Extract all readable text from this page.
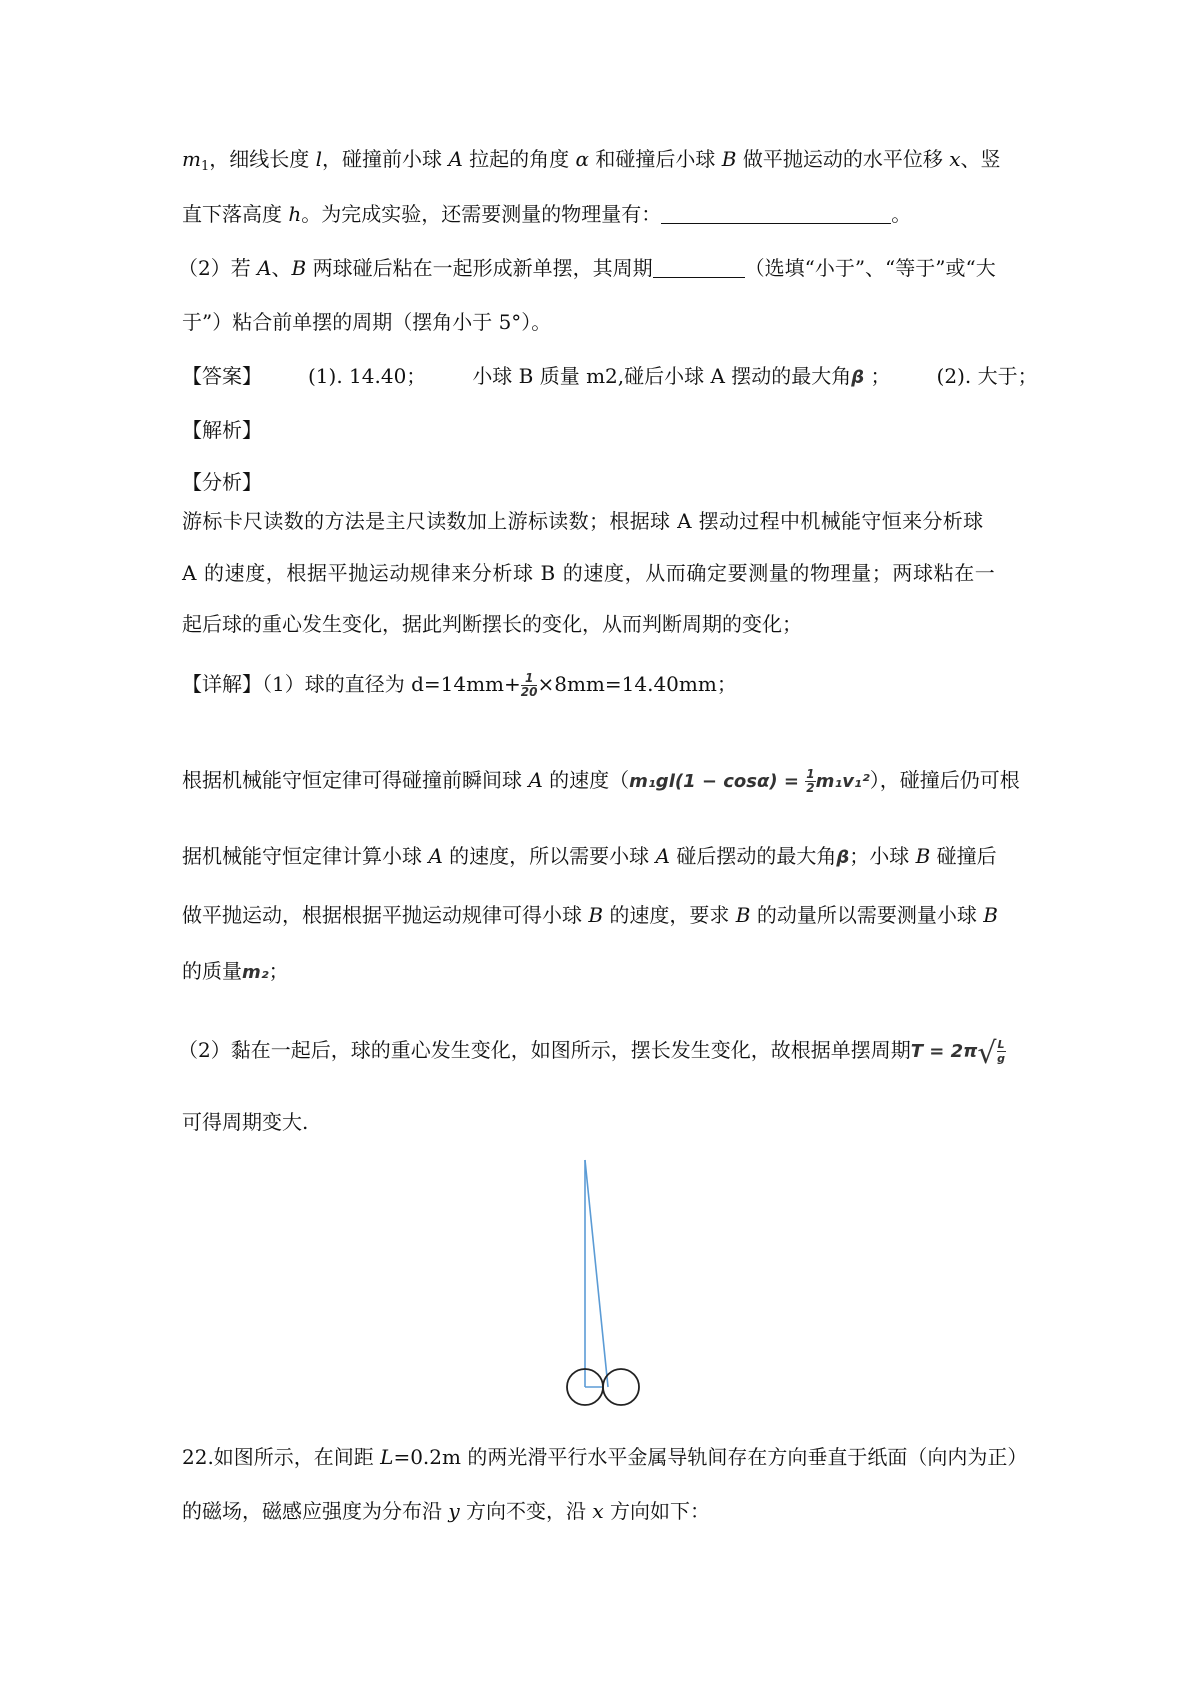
$m_1$，细线长度 l，碰撞前小球 A 拉起的角度 α 和碰撞后小球 B 做平抛运动的水平位移 x、竖
直下落高度 h。为完成实验，还需要测量的物理量有：	。
（2）若 A、B 两球碰后粘在一起形成新单摆，其周期	（选填“小于”、“等于”或“大
于”）粘合前单摆的周期（摆角小于 5°）。
【答案】 (1). 14.40； 小球 B 质量 m2,碰后小球 A 摆动的最大角β ； (2). 大于；
【解析】
【分析】
游标卡尺读数的方法是主尺读数加上游标读数；根据球 A 摆动过程中机械能守恒来分析球
A 的速度，根据平抛运动规律来分析球 B 的速度，从而确定要测量的物理量；两球粘在一
起后球的重心发生变化，据此判断摆长的变化，从而判断周期的变化；
【详解】（1）球的直径为 $d=14mm+ \frac{1}{20} \times 8mm=14.40mm$；
根据机械能守恒定律可得碰撞前瞬间球 A 的速度$(m_1gl(1 - \cos\alpha) = \frac{1}{2} m_1v_1^2)$，碰撞后仍可根
据机械能守恒定律计算小球 A 的速度，所以需要小球 A 碰后摆动的最大角β；小球 B 碰撞后
做平抛运动，根据根据平抛运动规律可得小球 B 的速度，要求 B 的动量所以需要测量小球 B
的质量m₂；
（2）黏在一起后，球的重心发生变化，如图所示，摆长发生变化，故根据单摆周期$T = 2\pi√ \frac{L}{g}$
可得周期变大.
22.如图所示，在间距 L=0.2m 的两光滑平行水平金属导轨间存在方向垂直于纸面（向内为正）
的磁场，磁感应强度为分布沿 y 方向不变，沿 x 方向如下：
